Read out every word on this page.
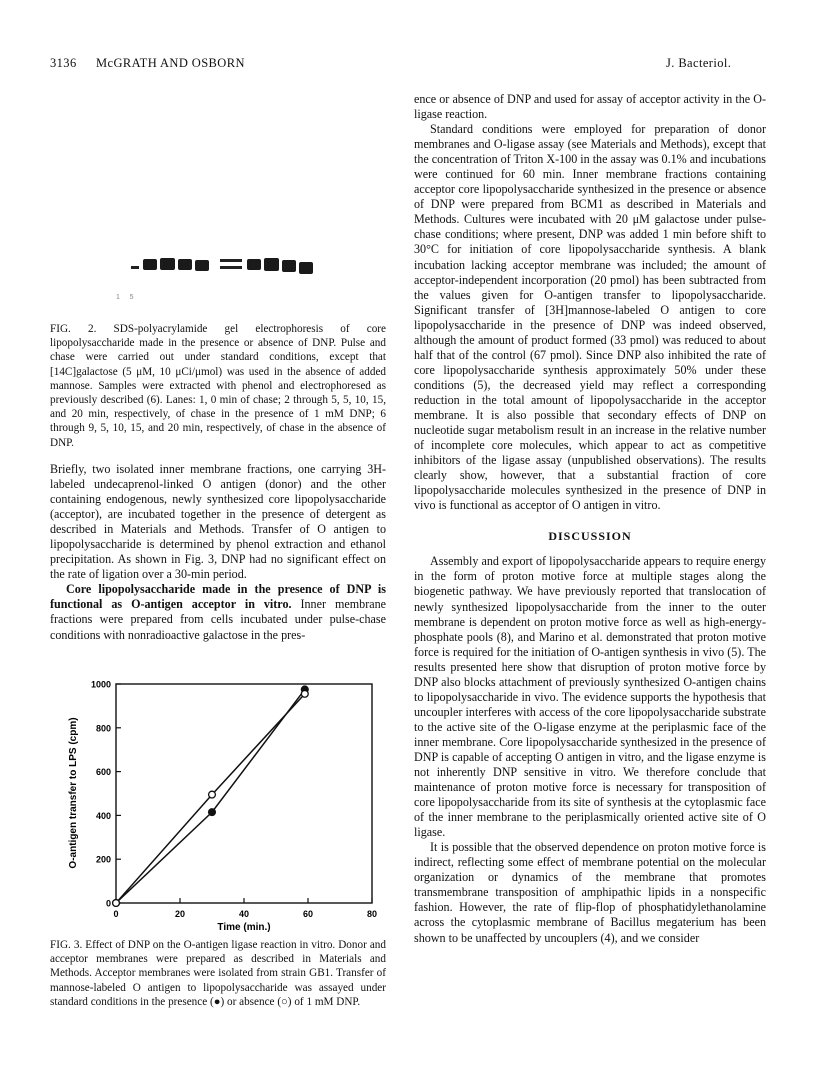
3136 McGRATH AND OSBORN	J. Bacteriol.
1     5
FIG. 2. SDS-polyacrylamide gel electrophoresis of core lipopolysaccharide made in the presence or absence of DNP. Pulse and chase were carried out under standard conditions, except that [14C]galactose (5 μM, 10 μCi/μmol) was used in the absence of added mannose. Samples were extracted with phenol and electrophoresed as previously described (6). Lanes: 1, 0 min of chase; 2 through 5, 5, 10, 15, and 20 min, respectively, of chase in the presence of 1 mM DNP; 6 through 9, 5, 10, 15, and 20 min, respectively, of chase in the absence of DNP.

Briefly, two isolated inner membrane fractions, one carrying 3H-labeled undecaprenol-linked O antigen (donor) and the other containing endogenous, newly synthesized core lipopolysaccharide (acceptor), are incubated together in the presence of detergent as described in Materials and Methods. Transfer of O antigen to lipopolysaccharide is determined by phenol extraction and ethanol precipitation. As shown in Fig. 3, DNP had no significant effect on the rate of ligation over a 30-min period.

Core lipopolysaccharide made in the presence of DNP is functional as O-antigen acceptor in vitro. Inner membrane fractions were prepared from cells incubated under pulse-chase conditions with nonradioactive galactose in the pres-

0
200
400
600
800
1000
0	20	40	60	80
O-antigen transfer to LPS (cpm)
Time (min.)
FIG. 3. Effect of DNP on the O-antigen ligase reaction in vitro. Donor and acceptor membranes were prepared as described in Materials and Methods. Acceptor membranes were isolated from strain GB1. Transfer of mannose-labeled O antigen to lipopolysaccharide was assayed under standard conditions in the presence (●) or absence (○) of 1 mM DNP.

ence or absence of DNP and used for assay of acceptor activity in the O-ligase reaction.

Standard conditions were employed for preparation of donor membranes and O-ligase assay (see Materials and Methods), except that the concentration of Triton X-100 in the assay was 0.1% and incubations were continued for 60 min. Inner membrane fractions containing acceptor core lipopolysaccharide synthesized in the presence or absence of DNP were prepared from BCM1 as described in Materials and Methods. Cultures were incubated with 20 μM galactose under pulse-chase conditions; where present, DNP was added 1 min before shift to 30°C for initiation of core lipopolysaccharide synthesis. A blank incubation lacking acceptor membrane was included; the amount of acceptor-independent incorporation (20 pmol) has been subtracted from the values given for O-antigen transfer to lipopolysaccharide. Significant transfer of [3H]mannose-labeled O antigen to core lipopolysaccharide in the presence of DNP was indeed observed, although the amount of product formed (33 pmol) was reduced to about half that of the control (67 pmol). Since DNP also inhibited the rate of core lipopolysaccharide synthesis approximately 50% under these conditions (5), the decreased yield may reflect a corresponding reduction in the total amount of lipopolysaccharide in the acceptor membrane. It is also possible that secondary effects of DNP on nucleotide sugar metabolism result in an increase in the relative number of incomplete core molecules, which appear to act as competitive inhibitors of the ligase assay (unpublished observations). The results clearly show, however, that a substantial fraction of core lipopolysaccharide molecules synthesized in the presence of DNP in vivo is functional as acceptor of O antigen in vitro.

DISCUSSION

Assembly and export of lipopolysaccharide appears to require energy in the form of proton motive force at multiple stages along the biogenetic pathway. We have previously reported that translocation of newly synthesized lipopolysaccharide from the inner to the outer membrane is dependent on proton motive force as well as high-energy-phosphate pools (8), and Marino et al. demonstrated that proton motive force is required for the initiation of O-antigen synthesis in vivo (5). The results presented here show that disruption of proton motive force by DNP also blocks attachment of previously synthesized O-antigen chains to lipopolysaccharide in vivo. The evidence supports the hypothesis that uncoupler interferes with access of the core lipopolysaccharide substrate to the active site of the O-ligase enzyme at the periplasmic face of the inner membrane. Core lipopolysaccharide synthesized in the presence of DNP is capable of accepting O antigen in vitro, and the ligase enzyme is not inherently DNP sensitive in vitro. We therefore conclude that maintenance of proton motive force is necessary for transposition of core lipopolysaccharide from its site of synthesis at the cytoplasmic face of the inner membrane to the periplasmically oriented active site of O ligase.

It is possible that the observed dependence on proton motive force is indirect, reflecting some effect of membrane potential on the molecular organization or dynamics of the membrane that promotes transmembrane transposition of amphipathic lipids in a nonspecific fashion. However, the rate of flip-flop of phosphatidylethanolamine across the cytoplasmic membrane of Bacillus megaterium has been shown to be unaffected by uncouplers (4), and we consider
